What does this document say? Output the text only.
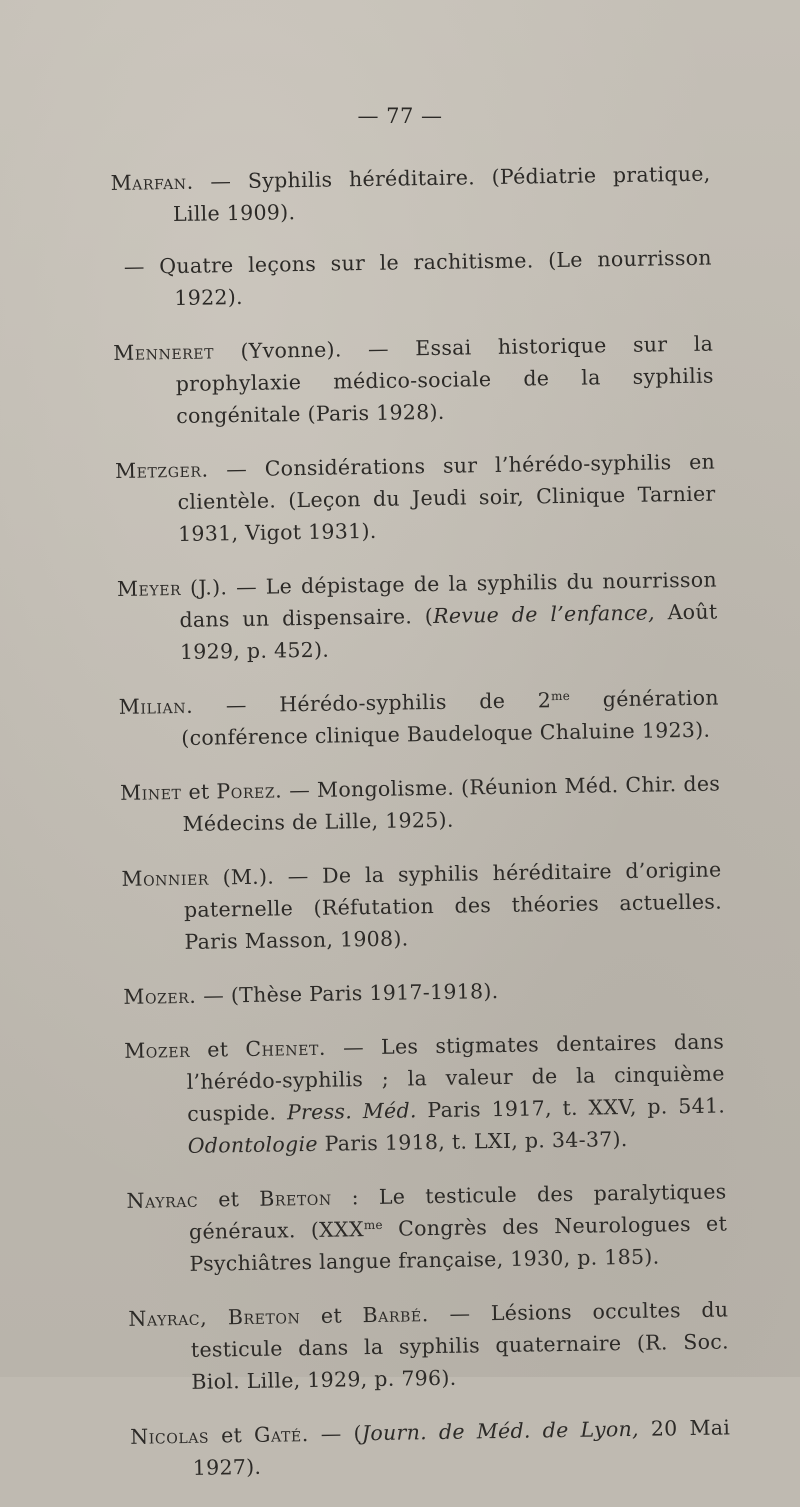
— 77 —

Marfan. — Syphilis héréditaire. (Pédiatrie pratique, Lille 1909).

— Quatre leçons sur le rachitisme. (Le nourrisson 1922).

Menneret (Yvonne). — Essai historique sur la prophylaxie médico-sociale de la syphilis congénitale (Paris 1928).

Metzger. — Considérations sur l’hérédo-syphilis en clientèle. (Leçon du Jeudi soir, Clinique Tarnier 1931, Vigot 1931).

Meyer (J.). — Le dépistage de la syphilis du nourrisson dans un dispensaire. (Revue de l’enfance, Août 1929, p. 452).

Milian. — Hérédo-syphilis de $2^{me}$ génération (conférence clinique Baudeloque Chaluine 1923).

Minet et Porez. — Mongolisme. (Réunion Méd. Chir. des Médecins de Lille, 1925).

Monnier (M.). — De la syphilis héréditaire d’origine paternelle (Réfutation des théories actuelles. Paris Masson, 1908).

Mozer. — (Thèse Paris 1917-1918).

Mozer et Chenet. — Les stigmates dentaires dans l’hérédo-syphilis ; la valeur de la cinquième cuspide. Press. Méd. Paris 1917, t. XXV, p. 541. Odontologie Paris 1918, t. LXI, p. 34-37).

Nayrac et Breton : Le testicule des paralytiques généraux. ($XXX^{me}$ Congrès des Neurologues et Psychiâtres langue française, 1930, p. 185).

Nayrac, Breton et Barbé. — Lésions occultes du testicule dans la syphilis quaternaire (R. Soc. Biol. Lille, 1929, p. 796).

Nicolas et Gaté. — (Journ. de Méd. de Lyon, 20 Mai 1927).
